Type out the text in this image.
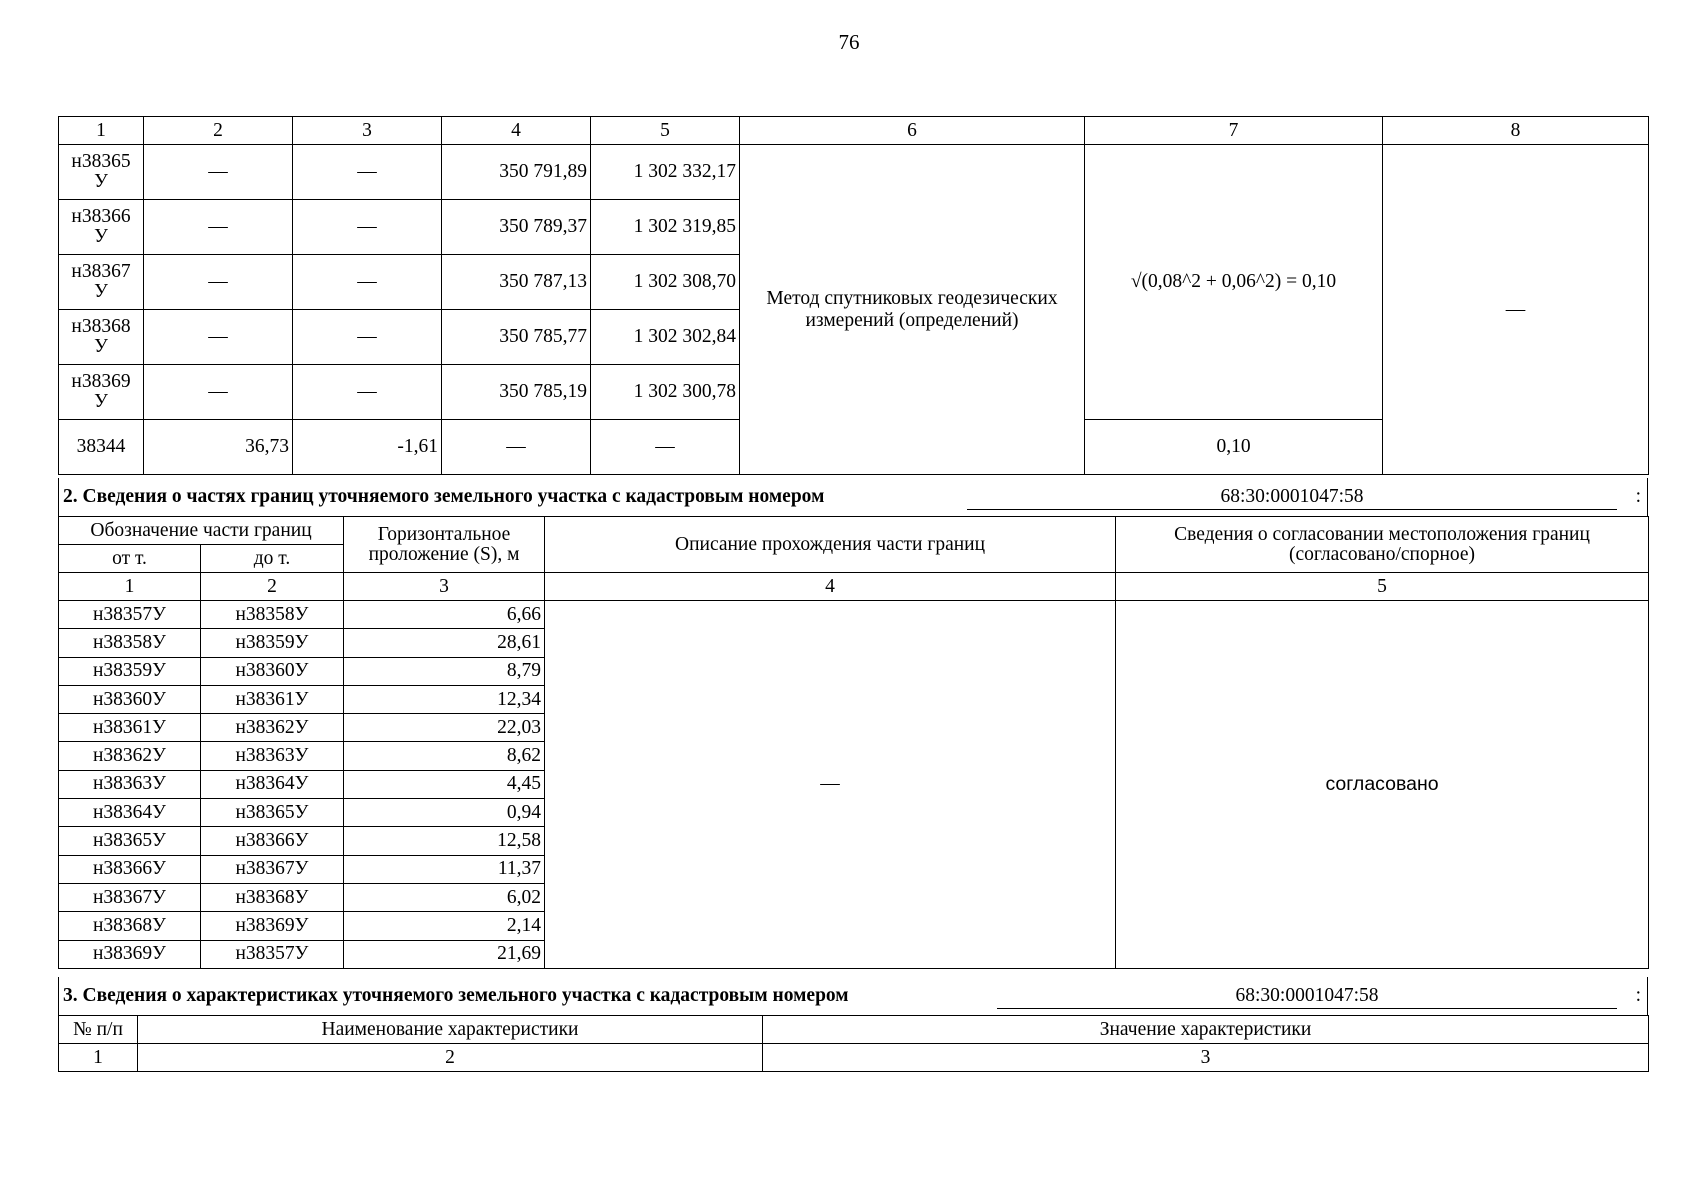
76
1	2	3	4	5	6	7	8
н38365
У	—	—	350 791,89	1 302 332,17	Метод спутниковых геодезических измерений (определений)	√(0,08^2 + 0,06^2) = 0,10	—
н38366
У	—	—	350 789,37	1 302 319,85			
н38367
У	—	—	350 787,13	1 302 308,70			
н38368
У	—	—	350 785,77	1 302 302,84			
н38369
У	—	—	350 785,19	1 302 300,78			
38344	36,73	-1,61	—	—		0,10	
2. Сведения о частях границ уточняемого земельного участка с кадастровым номером	68:30:0001047:58	:
Обозначение части границ		Горизонтальное проложение (S), м	Описание прохождения части границ	Сведения о согласовании местоположения границ (согласовано/спорное)
от т.	до т.			
1	2	3	4	5
н38357У	н38358У	6,66	—	согласовано
н38358У	н38359У	28,61		
н38359У	н38360У	8,79		
н38360У	н38361У	12,34		
н38361У	н38362У	22,03		
н38362У	н38363У	8,62		
н38363У	н38364У	4,45		
н38364У	н38365У	0,94		
н38365У	н38366У	12,58		
н38366У	н38367У	11,37		
н38367У	н38368У	6,02		
н38368У	н38369У	2,14		
н38369У	н38357У	21,69		
3. Сведения о характеристиках уточняемого земельного участка с кадастровым номером	68:30:0001047:58	:
№ п/п	Наименование характеристики	Значение характеристики
1	2	3
